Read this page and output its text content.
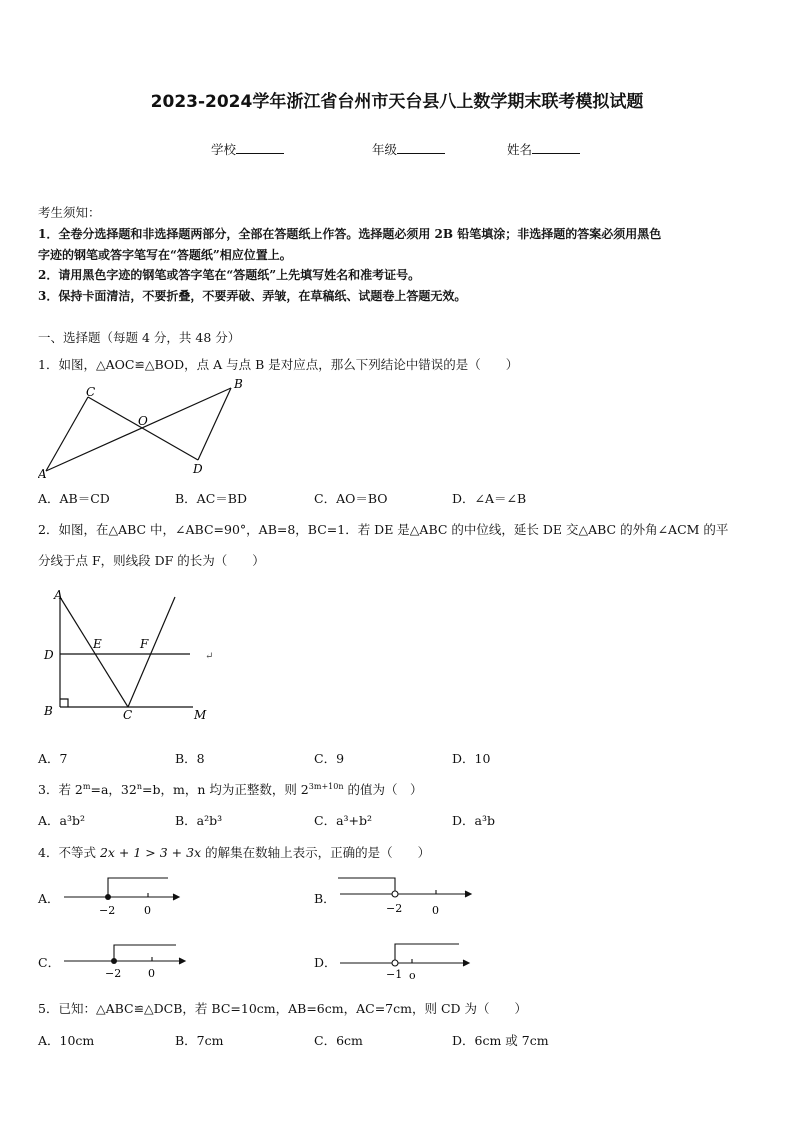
2023-2024学年浙江省台州市天台县八上数学期末联考模拟试题
学校	年级	姓名
考生须知：
1．全卷分选择题和非选择题两部分，全部在答题纸上作答。选择题必须用 2B 铅笔填涂；非选择题的答案必须用黑色
字迹的钢笔或答字笔写在“答题纸”相应位置上。
2．请用黑色字迹的钢笔或答字笔在“答题纸”上先填写姓名和准考证号。
3．保持卡面清洁，不要折叠，不要弄破、弄皱，在草稿纸、试题卷上答题无效。
一、选择题（每题 4 分，共 48 分）
1．如图，△AOC≌△BOD，点 A 与点 B 是对应点，那么下列结论中错误的是（　　）
C
B
O
A	D
A．AB＝CD	B．AC＝BD	C．AO＝BO	D．∠A＝∠B
2．如图，在△ABC 中，∠ABC=90°，AB=8，BC=1．若 DE 是△ABC 的中位线，延长 DE 交△ABC 的外角∠ACM 的平
分线于点 F，则线段 DF 的长为（　　）
A
E	F
D
B	C	M
↵
A．7	B．8	C．9	D．10
3．若 $2^m=a$，$32^n=b$，m，n 均为正整数，则 $2^{3m+10n}$ 的值为（　）
A．a³b²	B．a²b³	C．a³+b²	D．a³b
4．不等式 2x + 1 > 3 + 3x 的解集在数轴上表示，正确的是（　　）
A．
−2	0
B．
−2	0
C．
−2 0
D．
−1 o
5．已知：△ABC≌△DCB，若 BC=10cm，AB=6cm，AC=7cm，则 CD 为（　　）
A．10cm	B．7cm	C．6cm	D．6cm 或 7cm
